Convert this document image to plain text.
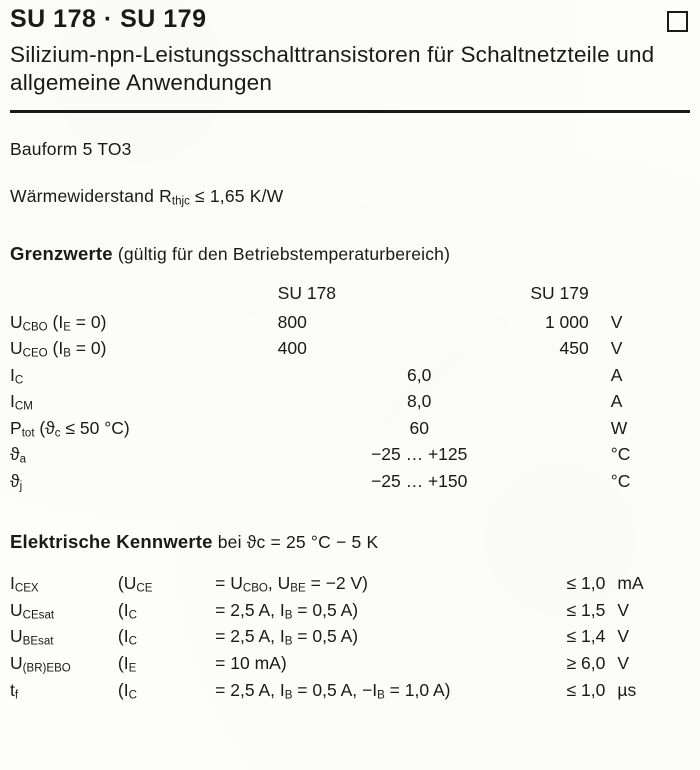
SU 178 · SU 179
Silizium-npn-Leistungsschalttransistoren für Schaltnetzteile und allgemeine Anwendungen
Bauform 5 TO3
Wärmewiderstand $R_{thjc} \le 1,65$ K/W
Grenzwerte (gültig für den Betriebstemperaturbereich)
	SU 178	SU 179	
$U_{CBO}$ $(I_E = 0)$	800	1 000	V
$U_{CEO}$ $(I_B = 0)$	400	450	V
$I_C$	6,0		A
$I_{CM}$	8,0		A
$P_{tot}$ ($ϑ_c \le 50$ °C)	60		W
$ϑ_a$	−25 … +125		°C
$ϑ_j$	−25 … +150		°C
Elektrische Kennwerte bei ϑc = 25 °C − 5 K
$I_{CEX}$	($U_{CE}$	= $U_{CBO}$, $U_{BE} = -2$ V)	≤ 1,0	mA
$U_{CEsat}$	($I_C$	= 2,5 A, $I_B = 0,5$ A)	≤ 1,5	V
$U_{BEsat}$	($I_C$	= 2,5 A, $I_B = 0,5$ A)	≤ 1,4	V
$U_{(BR)EBO}$	($I_E$	= 10 mA)	≥ 6,0	V
$t_f$	($I_C$	= 2,5 A, $I_B = 0,5$ A, $-I_B = 1,0$ A)	≤ 1,0	µs
